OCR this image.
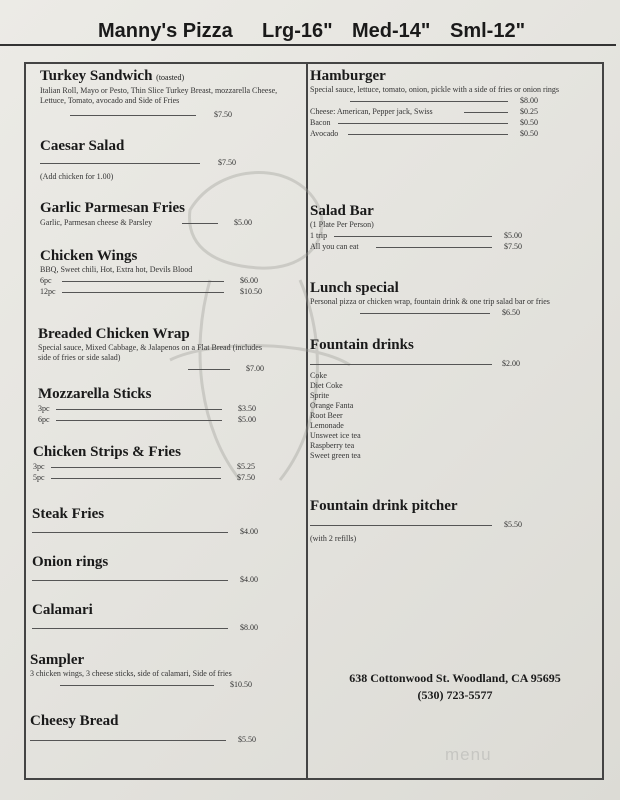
Manny's Pizza Lrg-16" Med-14" Sml-12"
Turkey Sandwich (toasted)
Italian Roll, Mayo or Pesto, Thin Slice Turkey Breast, mozzarella Cheese, Lettuce, Tomato, avocado and Side of Fries
$7.50
Caesar Salad
$7.50
(Add chicken for 1.00)
Garlic Parmesan Fries
Garlic, Parmesan cheese & Parsley	$5.00
Chicken Wings
BBQ, Sweet chili, Hot, Extra hot, Devils Blood
6pc	$6.00
12pc	$10.50
Breaded Chicken Wrap
Special sauce, Mixed Cabbage, & Jalapenos on a Flat Bread (includes side of fries or side salad)
$7.00
Mozzarella Sticks
3pc	$3.50
6pc	$5.00
Chicken Strips & Fries
3pc	$5.25
5pc	$7.50
Steak Fries
$4.00
Onion rings
$4.00
Calamari
$8.00
Sampler
3 chicken wings, 3 cheese sticks, side of calamari, Side of fries
$10.50
Cheesy Bread
$5.50
Hamburger
Special sauce, lettuce, tomato, onion, pickle with a side of fries or onion rings
$8.00
Cheese: American, Pepper jack, Swiss	$0.25
Bacon	$0.50
Avocado	$0.50
Salad Bar
(1 Plate Per Person)
1 trip	$5.00
All you can eat	$7.50
Lunch special
Personal pizza or chicken wrap, fountain drink & one trip salad bar or fries
$6.50
Fountain drinks
$2.00
Coke
Diet Coke
Sprite
Orange Fanta
Root Beer
Lemonade
Unsweet ice tea
Raspberry tea
Sweet green tea
Fountain drink pitcher
$5.50
(with 2 refills)
638 Cottonwood St. Woodland, CA 95695
(530) 723-5577
menu
